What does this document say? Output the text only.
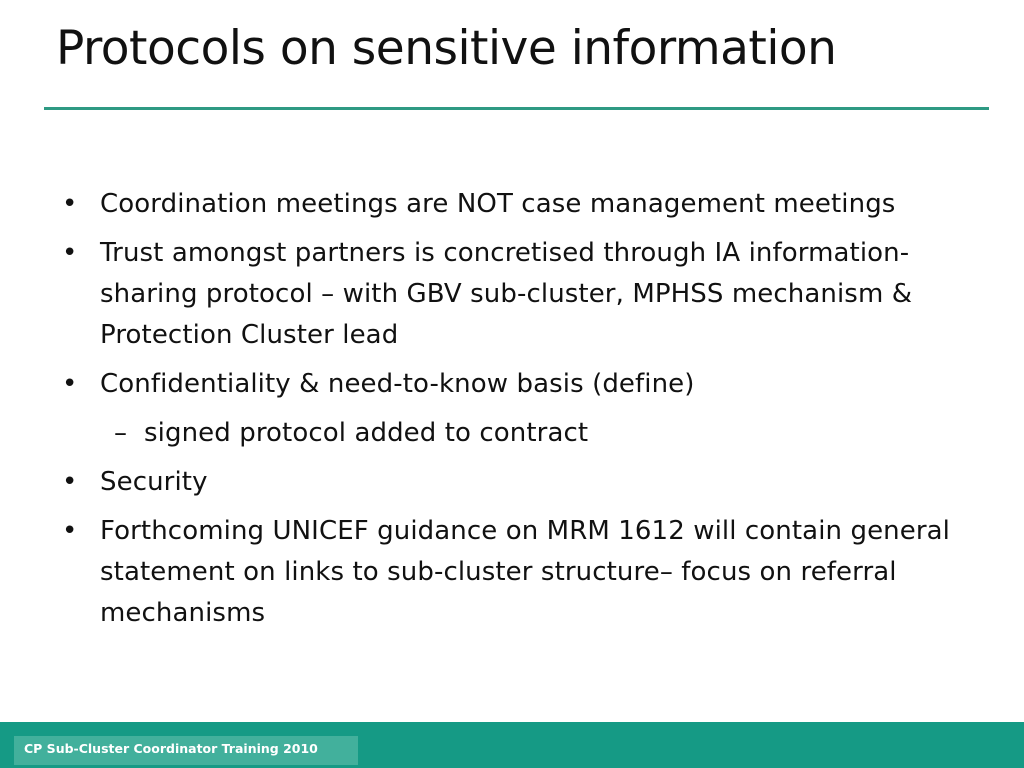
Protocols on sensitive information
• Coordination meetings are NOT case management meetings
• Trust amongst partners is concretised through IA information-sharing protocol – with GBV sub-cluster, MPHSS mechanism & Protection Cluster lead
• Confidentiality & need-to-know basis (define)
– signed protocol added to contract
• Security
• Forthcoming UNICEF guidance on MRM 1612 will contain general statement on links to sub-cluster structure– focus on referral mechanisms
CP Sub-Cluster Coordinator Training 2010
